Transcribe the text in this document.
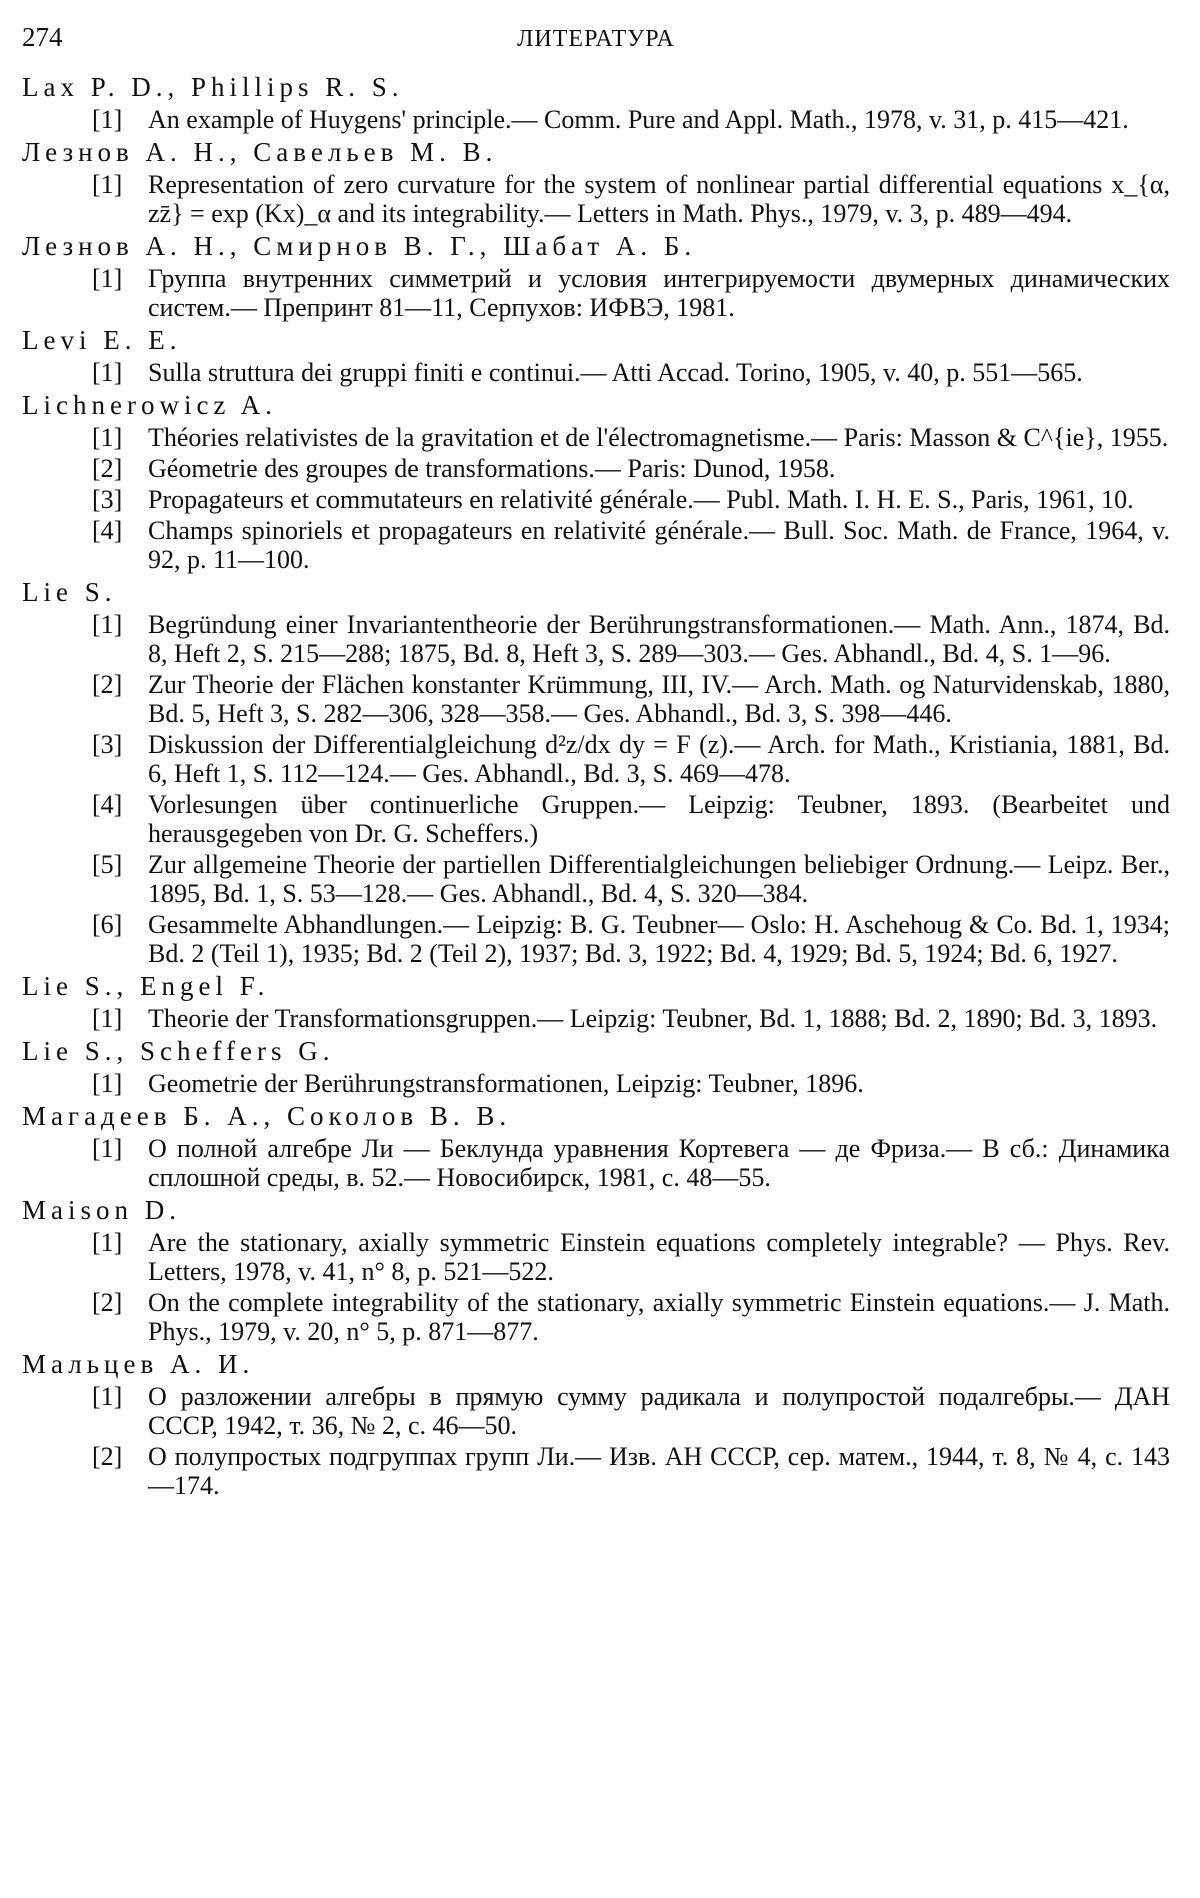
274	ЛИТЕРАТУРА
Lax P. D., Phillips R. S.
[1] An example of Huygens' principle.— Comm. Pure and Appl. Math., 1978, v. 31, p. 415—421.
Лезнов А. Н., Савельев М. В.
[1] Representation of zero curvature for the system of nonlinear partial differential equations x_{α, zz̄} = exp (Kx)_α and its integrability.— Letters in Math. Phys., 1979, v. 3, p. 489—494.
Лезнов А. Н., Смирнов В. Г., Шабат А. Б.
[1] Группа внутренних симметрий и условия интегрируемости двумерных динамических систем.— Препринт 81—11, Серпухов: ИФВЭ, 1981.
Levi E. E.
[1] Sulla struttura dei gruppi finiti e continui.— Atti Accad. Torino, 1905, v. 40, p. 551—565.
Lichnerowicz A.
[1] Théories relativistes de la gravitation et de l'électromagnetisme.— Paris: Masson & C^{ie}, 1955.
[2] Géometrie des groupes de transformations.— Paris: Dunod, 1958.
[3] Propagateurs et commutateurs en relativité générale.— Publ. Math. I. H. E. S., Paris, 1961, 10.
[4] Champs spinoriels et propagateurs en relativité générale.— Bull. Soc. Math. de France, 1964, v. 92, p. 11—100.
Lie S.
[1] Begründung einer Invariantentheorie der Berührungstransformationen.— Math. Ann., 1874, Bd. 8, Heft 2, S. 215—288; 1875, Bd. 8, Heft 3, S. 289—303.— Ges. Abhandl., Bd. 4, S. 1—96.
[2] Zur Theorie der Flächen konstanter Krümmung, III, IV.— Arch. Math. og Naturvidenskab, 1880, Bd. 5, Heft 3, S. 282—306, 328—358.— Ges. Abhandl., Bd. 3, S. 398—446.
[3] Diskussion der Differentialgleichung d²z/dx dy = F (z).— Arch. for Math., Kristiania, 1881, Bd. 6, Heft 1, S. 112—124.— Ges. Abhandl., Bd. 3, S. 469—478.
[4] Vorlesungen über continuerliche Gruppen.— Leipzig: Teubner, 1893. (Bearbeitet und herausgegeben von Dr. G. Scheffers.)
[5] Zur allgemeine Theorie der partiellen Differentialgleichungen beliebiger Ordnung.— Leipz. Ber., 1895, Bd. 1, S. 53—128.— Ges. Abhandl., Bd. 4, S. 320—384.
[6] Gesammelte Abhandlungen.— Leipzig: B. G. Teubner— Oslo: H. Aschehoug & Co. Bd. 1, 1934; Bd. 2 (Teil 1), 1935; Bd. 2 (Teil 2), 1937; Bd. 3, 1922; Bd. 4, 1929; Bd. 5, 1924; Bd. 6, 1927.
Lie S., Engel F.
[1] Theorie der Transformationsgruppen.— Leipzig: Teubner, Bd. 1, 1888; Bd. 2, 1890; Bd. 3, 1893.
Lie S., Scheffers G.
[1] Geometrie der Berührungstransformationen, Leipzig: Teubner, 1896.
Магадеев Б. А., Соколов В. В.
[1] О полной алгебре Ли — Беклунда уравнения Кортевега — де Фриза.— В сб.: Динамика сплошной среды, в. 52.— Новосибирск, 1981, с. 48—55.
Maison D.
[1] Are the stationary, axially symmetric Einstein equations completely integrable? — Phys. Rev. Letters, 1978, v. 41, n° 8, p. 521—522.
[2] On the complete integrability of the stationary, axially symmetric Einstein equations.— J. Math. Phys., 1979, v. 20, n° 5, p. 871—877.
Мальцев А. И.
[1] О разложении алгебры в прямую сумму радикала и полупростой подалгебры.— ДАН СССР, 1942, т. 36, № 2, с. 46—50.
[2] О полупростых подгруппах групп Ли.— Изв. АН СССР, сер. матем., 1944, т. 8, № 4, с. 143—174.
